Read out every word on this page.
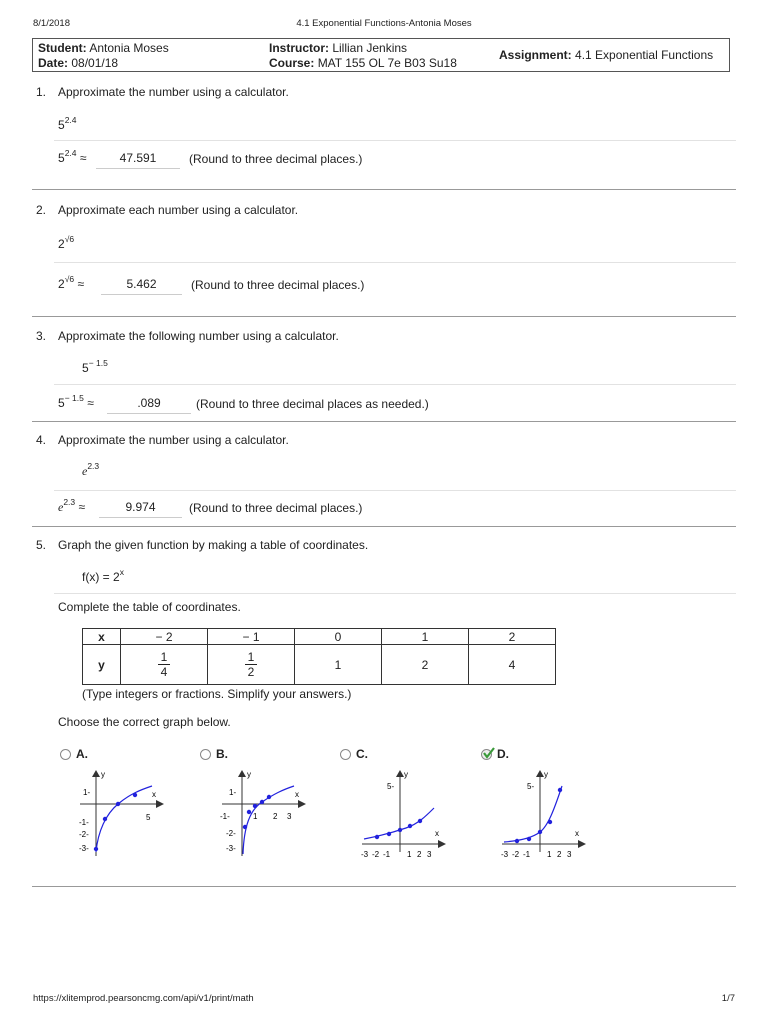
8/1/2018	4.1 Exponential Functions-Antonia Moses
Student: Antonia Moses
Date: 08/01/18
Instructor: Lillian Jenkins
Course: MAT 155 OL 7e B03 Su18
Assignment: 4.1 Exponential Functions
1. Approximate the number using a calculator.
$5^{2.4}$
$5^{2.4}$ ≈	47.591	(Round to three decimal places.)
2. Approximate each number using a calculator.
$2^{√6}$
$2^{√6}$ ≈	5.462	(Round to three decimal places.)
3. Approximate the following number using a calculator.
$5^{- 1.5}$
$5^{- 1.5}$ ≈	.089	(Round to three decimal places as needed.)
4. Approximate the number using a calculator.
$e^{2.3}$
$e^{2.3}$ ≈	9.974	(Round to three decimal places.)
5. Graph the given function by making a table of coordinates.
$f(x) = 2^x$
Complete the table of coordinates.
x	− 2	− 1	0	1	2
y	$\frac{1}{4}$	$\frac{1}{2}$	1	2	4
(Type integers or fractions. Simplify your answers.)
Choose the correct graph below.
A.	B.	C.	D.
y
x
1-
-1-
-2-
-3-
5
y
x
1-
-1-
-2-
-3-
1 2 3
y
x
5-
-3 -2 -1 1 2 3
y
x
5-
-3 -2 -1 1 2 3
https://xlitemprod.pearsoncmg.com/api/v1/print/math	1/7
